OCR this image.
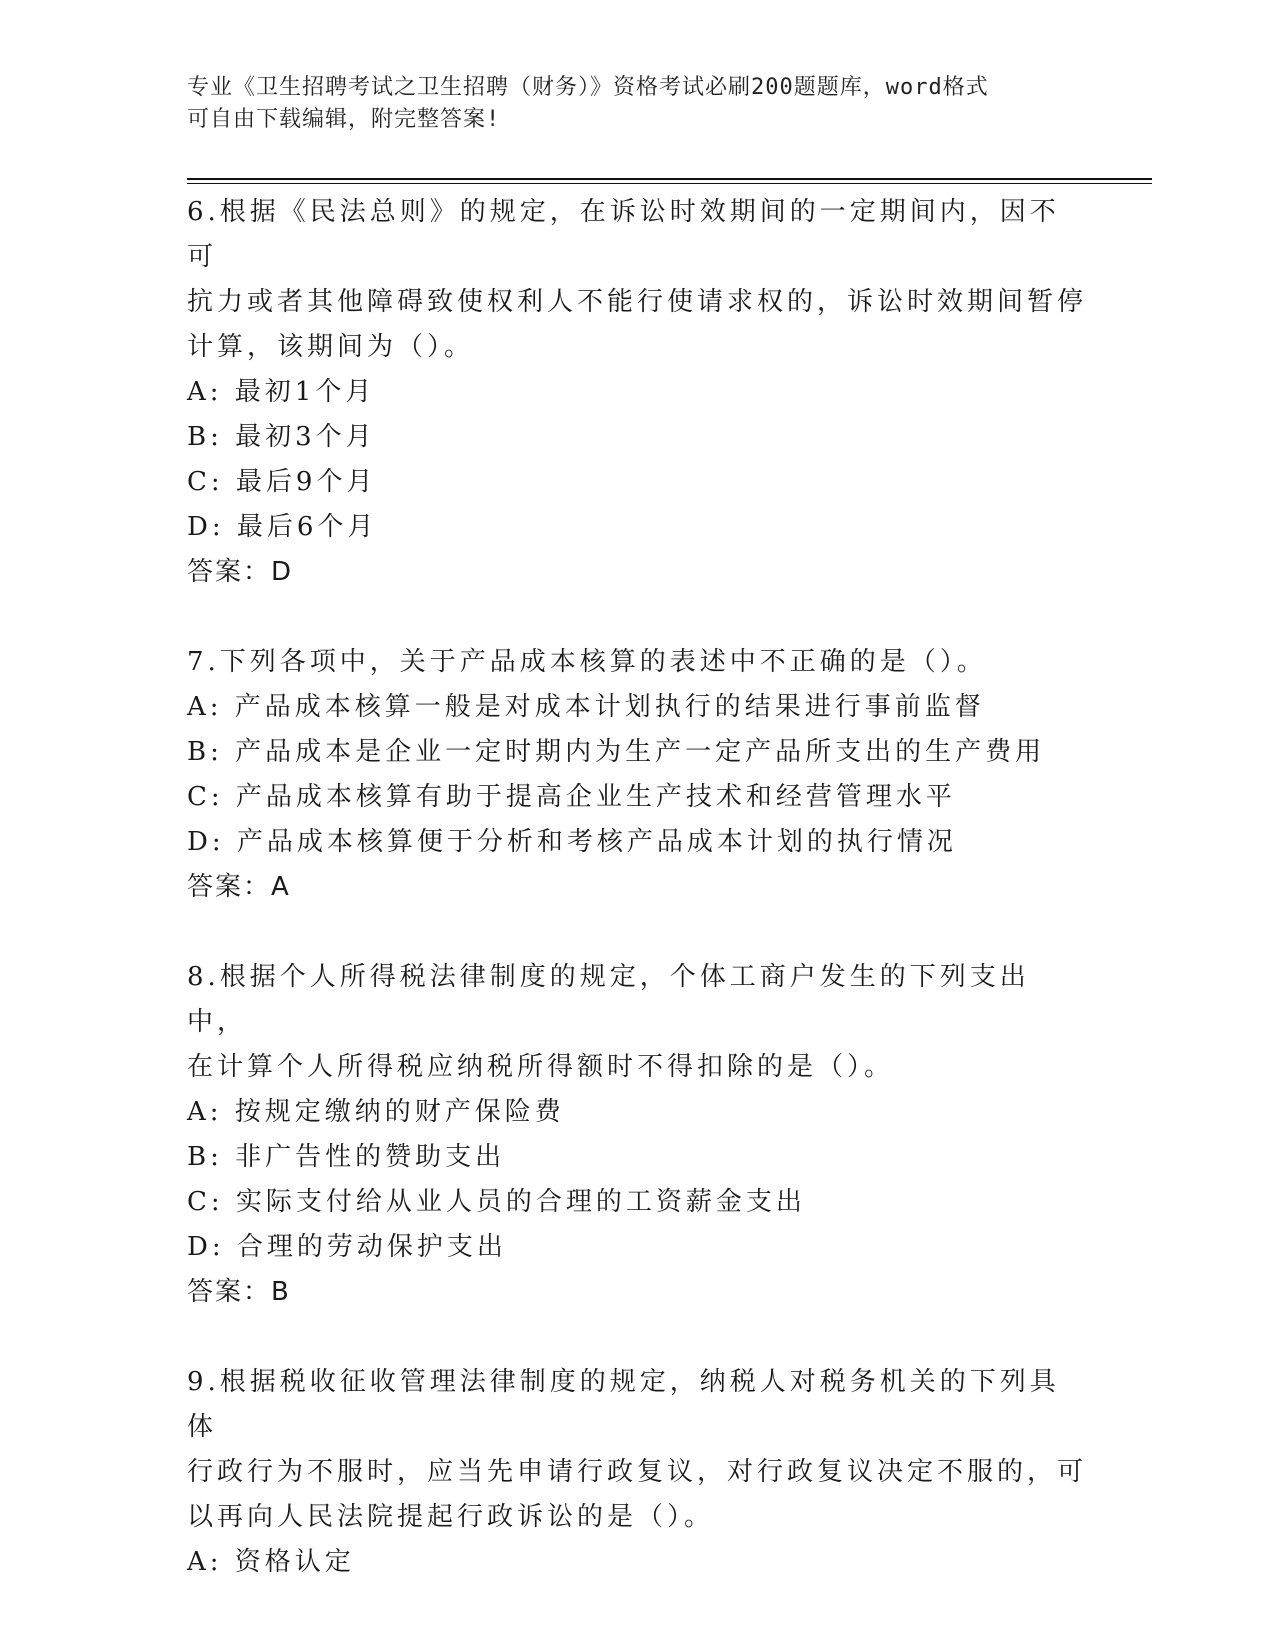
专业《卫生招聘考试之卫生招聘（财务）》资格考试必刷200题题库，word格式
可自由下载编辑，附完整答案!

6.根据《民法总则》的规定，在诉讼时效期间的一定期间内，因不可

抗力或者其他障碍致使权利人不能行使请求权的，诉讼时效期间暂停

计算，该期间为（）。

A: 最初1个月

B: 最初3个月

C: 最后9个月

D: 最后6个月

答案：D

7.下列各项中，关于产品成本核算的表述中不正确的是（）。

A: 产品成本核算一般是对成本计划执行的结果进行事前监督

B: 产品成本是企业一定时期内为生产一定产品所支出的生产费用

C: 产品成本核算有助于提高企业生产技术和经营管理水平

D: 产品成本核算便于分析和考核产品成本计划的执行情况

答案：A

8.根据个人所得税法律制度的规定，个体工商户发生的下列支出中，

在计算个人所得税应纳税所得额时不得扣除的是（）。

A: 按规定缴纳的财产保险费

B: 非广告性的赞助支出

C: 实际支付给从业人员的合理的工资薪金支出

D: 合理的劳动保护支出

答案：B

9.根据税收征收管理法律制度的规定，纳税人对税务机关的下列具体

行政行为不服时，应当先申请行政复议，对行政复议决定不服的，可

以再向人民法院提起行政诉讼的是（）。

A: 资格认定
